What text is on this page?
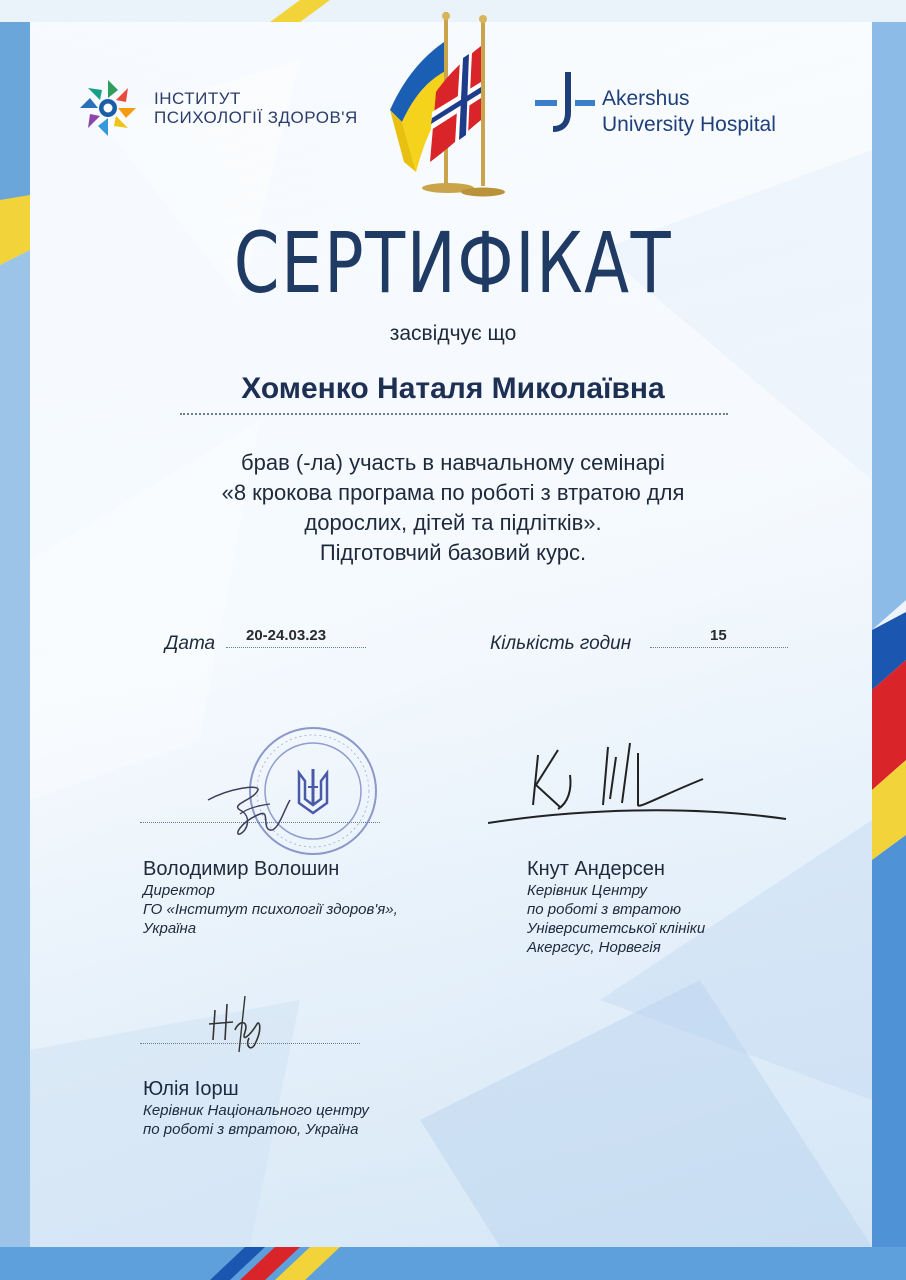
ІНСТИТУТ
ПСИХОЛОГІЇ ЗДОРОВ'Я
Akershus
University Hospital
СЕРТИФІКАТ
засвідчує що
Хоменко Наталя Миколаївна
брав (-ла) участь в навчальному семінарі
«8 крокова програма по роботі з втратою для
дорослих, дітей та підлітків».
Підготовчий базовий курс.
Дата 20-24.03.23	Кількість годин	15
Володимир Волошин
Директор
ГО «Інститут психології здоров'я»,
Україна
Кнут Андерсен
Керівник Центру
по роботі з втратою
Університетської клініки
Акергсус, Норвегія
Юлія Іорш
Керівник Національного центру
по роботі з втратою, Україна
